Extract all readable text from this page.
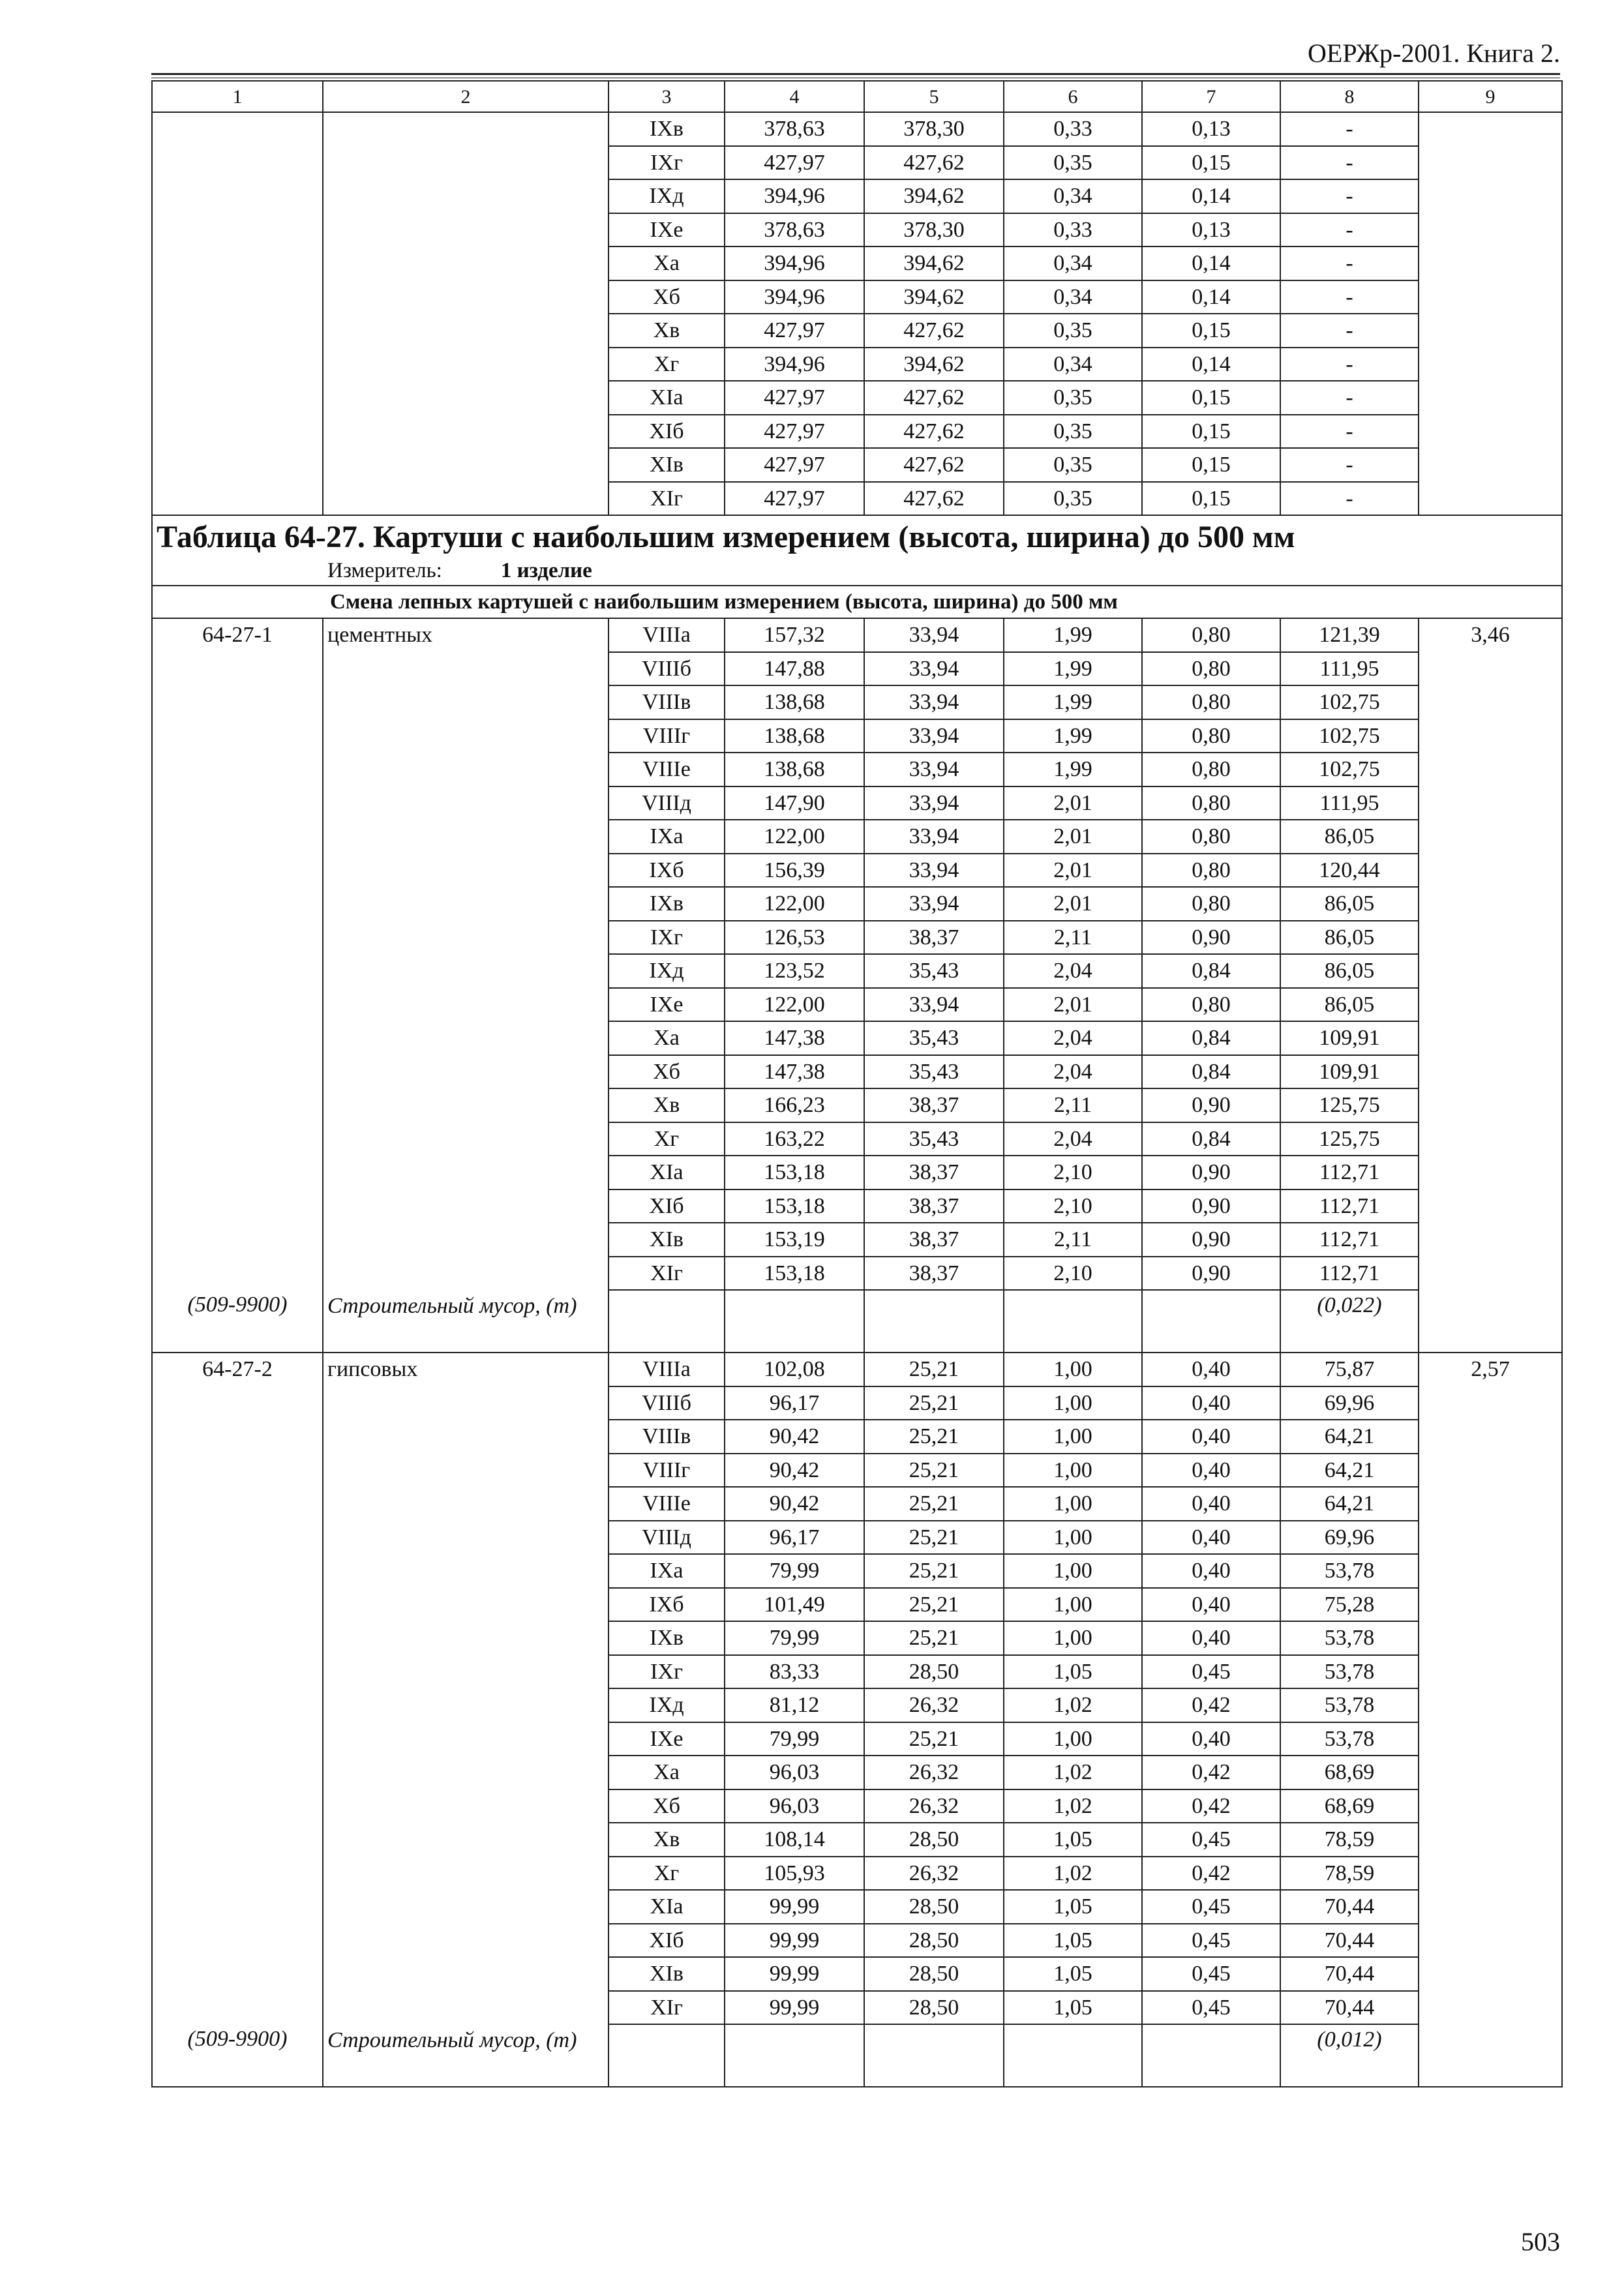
ОЕРЖр-2001. Книга 2.
1	2	3	4	5	6	7	8	9
		IXв	378,63	378,30	0,33	0,13	-	
		IXг	427,97	427,62	0,35	0,15	-	
		IXд	394,96	394,62	0,34	0,14	-	
		IXе	378,63	378,30	0,33	0,13	-	
		Xа	394,96	394,62	0,34	0,14	-	
		Xб	394,96	394,62	0,34	0,14	-	
		Xв	427,97	427,62	0,35	0,15	-	
		Xг	394,96	394,62	0,34	0,14	-	
		XIа	427,97	427,62	0,35	0,15	-	
		XIб	427,97	427,62	0,35	0,15	-	
		XIв	427,97	427,62	0,35	0,15	-	
		XIг	427,97	427,62	0,35	0,15	-	
Таблица 64-27. Картуши с наибольшим измерением (высота, ширина) до 500 мм								
Измеритель: 1 изделие								
Смена лепных картушей с наибольшим измерением (высота, ширина) до 500 мм								
64-27-1	цементных	VIIIа	157,32	33,94	1,99	0,80	121,39	3,46
		VIIIб	147,88	33,94	1,99	0,80	111,95	
		VIIIв	138,68	33,94	1,99	0,80	102,75	
		VIIIг	138,68	33,94	1,99	0,80	102,75	
		VIIIе	138,68	33,94	1,99	0,80	102,75	
		VIIIд	147,90	33,94	2,01	0,80	111,95	
		IXа	122,00	33,94	2,01	0,80	86,05	
		IXб	156,39	33,94	2,01	0,80	120,44	
		IXв	122,00	33,94	2,01	0,80	86,05	
		IXг	126,53	38,37	2,11	0,90	86,05	
		IXд	123,52	35,43	2,04	0,84	86,05	
		IXе	122,00	33,94	2,01	0,80	86,05	
		Xа	147,38	35,43	2,04	0,84	109,91	
		Xб	147,38	35,43	2,04	0,84	109,91	
		Xв	166,23	38,37	2,11	0,90	125,75	
		Xг	163,22	35,43	2,04	0,84	125,75	
		XIа	153,18	38,37	2,10	0,90	112,71	
		XIб	153,18	38,37	2,10	0,90	112,71	
		XIв	153,19	38,37	2,11	0,90	112,71	
		XIг	153,18	38,37	2,10	0,90	112,71	
(509-9900)	Строительный мусор, (т)						(0,022)	
64-27-2	гипсовых	VIIIа	102,08	25,21	1,00	0,40	75,87	2,57
		VIIIб	96,17	25,21	1,00	0,40	69,96	
		VIIIв	90,42	25,21	1,00	0,40	64,21	
		VIIIг	90,42	25,21	1,00	0,40	64,21	
		VIIIе	90,42	25,21	1,00	0,40	64,21	
		VIIIд	96,17	25,21	1,00	0,40	69,96	
		IXа	79,99	25,21	1,00	0,40	53,78	
		IXб	101,49	25,21	1,00	0,40	75,28	
		IXв	79,99	25,21	1,00	0,40	53,78	
		IXг	83,33	28,50	1,05	0,45	53,78	
		IXд	81,12	26,32	1,02	0,42	53,78	
		IXе	79,99	25,21	1,00	0,40	53,78	
		Xа	96,03	26,32	1,02	0,42	68,69	
		Xб	96,03	26,32	1,02	0,42	68,69	
		Xв	108,14	28,50	1,05	0,45	78,59	
		Xг	105,93	26,32	1,02	0,42	78,59	
		XIа	99,99	28,50	1,05	0,45	70,44	
		XIб	99,99	28,50	1,05	0,45	70,44	
		XIв	99,99	28,50	1,05	0,45	70,44	
		XIг	99,99	28,50	1,05	0,45	70,44	
(509-9900)	Строительный мусор, (т)						(0,012)	
503
